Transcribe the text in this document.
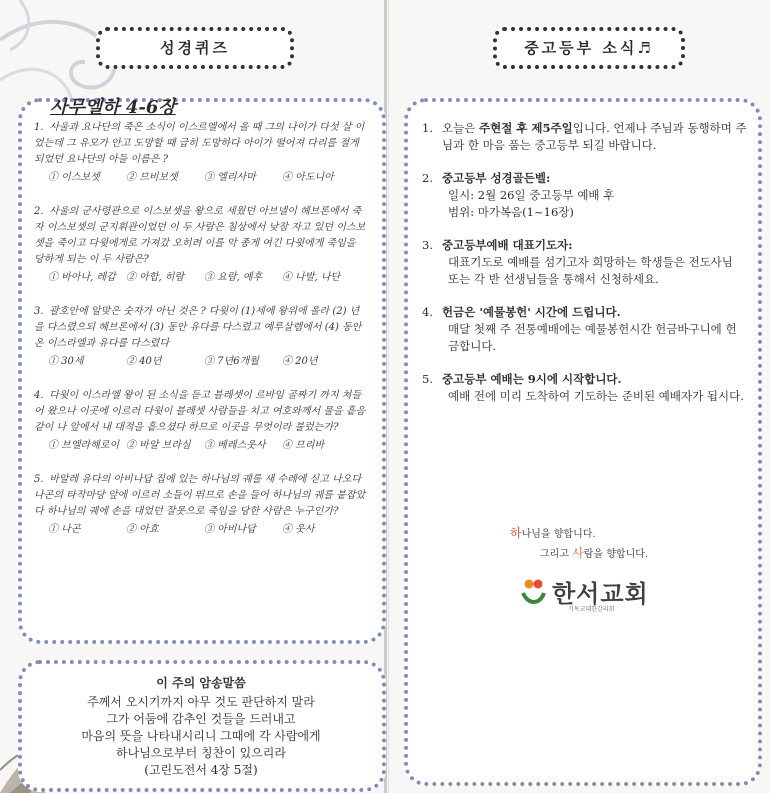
성경퀴즈
사무엘하 4-6장
1. 사울과 요나단의 죽은 소식이 이스르엘에서 올 때 그의 나이가 다섯 살 이었는데 그 유모가 안고 도망할 때 급히 도망하다 아이가 떨어져 다리를 절게 되었던 요나단의 아들 이름은 ?
① 이스보셋	② 므비보셋	③ 엘리사마	④ 아도니아
2. 사울의 군사령관으로 이스보셋을 왕으로 세웠던 아브넬이 헤브론에서 죽자 이스보셋의 군지휘관이었던 이 두 사람은 침상에서 낮잠 자고 있던 이스보셋을 죽이고 다윗에게로 가져갔 오히려 이를 악 종게 여긴 다윗에게 죽임을 당하게 되는 이 두 사람은?
① 바아나, 레갑	② 아합, 히람	③ 요람, 예후	④ 나발, 나단
3. 괄호안에 알맞은 숫자가 아닌 것은 ? 다윗이 (1)세에 왕위에 올라 (2) 년을 다스렸으되 헤브론에서 (3) 동안 유다를 다스렸고 예루살렘에서 (4) 동안 온 이스라엘과 유다를 다스렸다
① 30세	② 40년	③ 7년6개월	④ 20년
4. 다윗이 이스라엘 왕이 된 소식을 듣고 블레셋이 르바임 골짜기 까지 쳐들어 왔으나 이곳에 이르러 다윗이 블레셋 사람들을 치고 여호와께서 물을 흩음 같이 나 앞에서 내 대적을 흩으셨다 하므로 이곳을 무엇이라 불렀는가?
① 브엘라해로이 ② 바알 브라심	③ 베레스웃사	④ 므리바
5. 바알레 유다의 아비나답 집에 있는 하나님의 궤를 새 수레에 싣고 나오다 나곤의 타작마당 앞에 이르러 소들이 뛰므로 손을 들어 하나님의 궤를 붙잡았다 하나님의 궤에 손을 대었던 잘못으로 죽임을 당한 사람은 누구인가?
① 나곤	② 아효	③ 아비나답	④ 웃사
이 주의 암송말씀
주께서 오시기까지 아무 것도 판단하지 말라
그가 어둠에 감추인 것들을 드러내고
마음의 뜻을 나타내시리니 그때에 각 사람에게
하나님으로부터 칭찬이 있으리라
(고린도전서 4장 5절)
중고등부 소식♬
1. 오늘은 주현절 후 제5주일입니다. 언제나 주님과 동행하며 주님과 한 마음 품는 중고등부 되길 바랍니다.
2. 중고등부 성경골든벨:
일시: 2월 26일 중고등부 예배 후
범위: 마가복음(1~16장)
3. 중고등부예배 대표기도자:
대표기도로 예배를 섬기고자 희망하는 학생들은 전도사님 또는 각 반 선생님들을 통해서 신청하세요.
4. 헌금은 '예물봉헌' 시간에 드립니다.
매달 첫째 주 전통예배에는 예물봉헌시간 헌금바구니에 헌금합니다.
5. 중고등부 예배는 9시에 시작합니다.
예배 전에 미리 도착하여 기도하는 준비된 예배자가 됩시다.
하나님을 향합니다.
그리고 사람을 향합니다.
한서교회
기독교대한감리회
